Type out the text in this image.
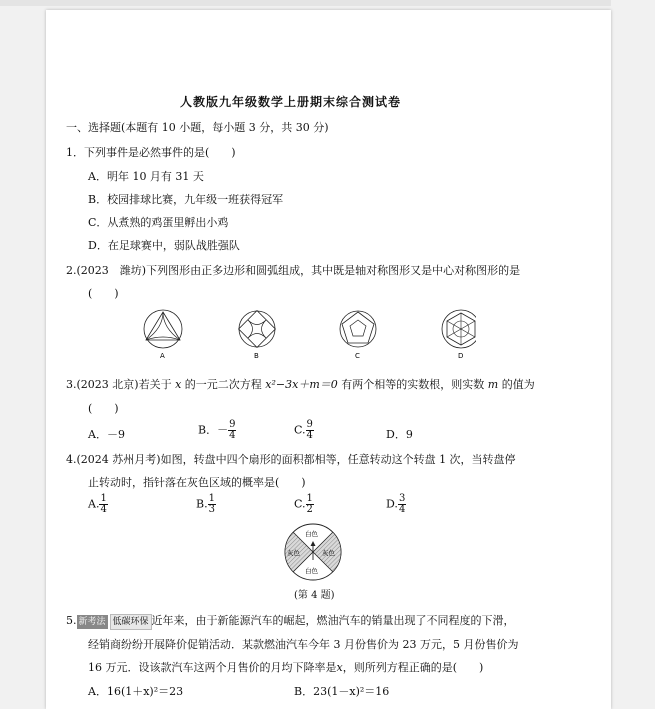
人教版九年级数学上册期末综合测试卷
一、选择题(本题有 10 小题，每小题 3 分，共 30 分)
1．下列事件是必然事件的是(　　)
A．明年 10 月有 31 天
B．校园排球比赛，九年级一班获得冠军
C．从煮熟的鸡蛋里孵出小鸡
D．在足球赛中，弱队战胜强队
2.(2023　潍坊)下列图形由正多边形和圆弧组成，其中既是轴对称图形又是中心对称图形的是
(　　)
A	B	C	D
3.(2023 北京)若关于 x 的一元二次方程 x²−3x＋m＝0 有两个相等的实数根，则实数 m 的值为
(　　)
A．－9	B．－ $\frac{9}{4}$	C. $\frac{9}{4}$	D．9
4.(2024 苏州月考)如图，转盘中四个扇形的面积都相等，任意转动这个转盘 1 次，当转盘停
止转动时，指针落在灰色区域的概率是(　　)
A. $\frac{1}{4}$	B. $\frac{1}{3}$	C. $\frac{1}{2}$	D. $\frac{3}{4}$
白色
白色
灰色	灰色
(第 4 题)
5. 新考法 低碳环保 近年来，由于新能源汽车的崛起，燃油汽车的销量出现了不同程度的下滑，
经销商纷纷开展降价促销活动．某款燃油汽车今年 3 月份售价为 23 万元，5 月份售价为
16 万元．设该款汽车这两个月售价的月均下降率是x，则所列方程正确的是(　　)
A．16(1＋x)²＝23	B．23(1－x)²＝16
